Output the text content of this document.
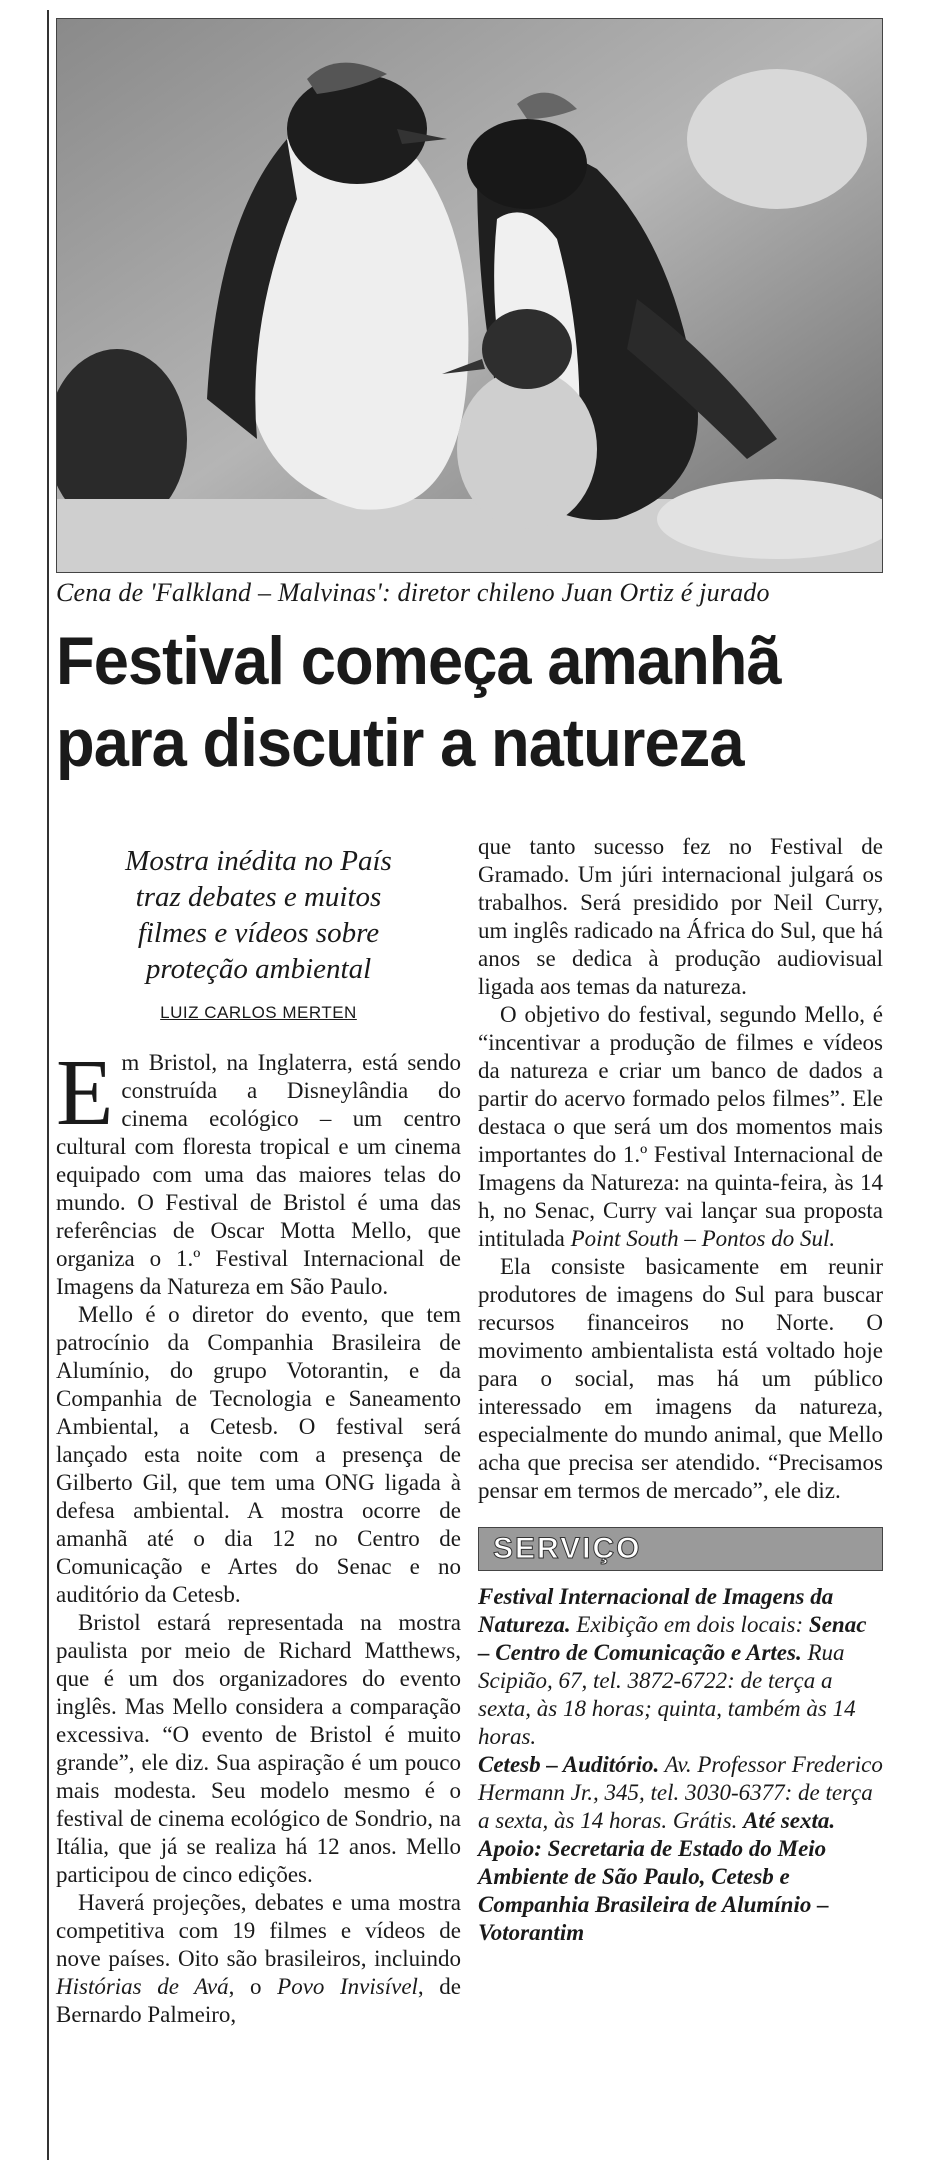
Cena de 'Falkland – Malvinas': diretor chileno Juan Ortiz é jurado
Festival começa amanhã
para discutir a natureza
Mostra inédita no País
traz debates e muitos
filmes e vídeos sobre
proteção ambiental
LUIZ CARLOS MERTEN

Em Bristol, na Inglaterra, está sendo construída a Disneylândia do cinema ecológico – um centro cultural com floresta tropical e um cinema equipado com uma das maiores telas do mundo. O Festival de Bristol é uma das referências de Oscar Motta Mello, que organiza o 1.º Festival Internacional de Imagens da Natureza em São Paulo.

Mello é o diretor do evento, que tem patrocínio da Companhia Brasileira de Alumínio, do grupo Votorantin, e da Companhia de Tecnologia e Saneamento Ambiental, a Cetesb. O festival será lançado esta noite com a presença de Gilberto Gil, que tem uma ONG ligada à defesa ambiental. A mostra ocorre de amanhã até o dia 12 no Centro de Comunicação e Artes do Senac e no auditório da Cetesb.

Bristol estará representada na mostra paulista por meio de Richard Matthews, que é um dos organizadores do evento inglês. Mas Mello considera a comparação excessiva. “O evento de Bristol é muito grande”, ele diz. Sua aspiração é um pouco mais modesta. Seu modelo mesmo é o festival de cinema ecológico de Sondrio, na Itália, que já se realiza há 12 anos. Mello participou de cinco edições.

Haverá projeções, debates e uma mostra competitiva com 19 filmes e vídeos de nove países. Oito são brasileiros, incluindo Histórias de Avá, o Povo Invisível, de Bernardo Palmeiro,

que tanto sucesso fez no Festival de Gramado. Um júri internacional julgará os trabalhos. Será presidido por Neil Curry, um inglês radicado na África do Sul, que há anos se dedica à produção audiovisual ligada aos temas da natureza.

O objetivo do festival, segundo Mello, é “incentivar a produção de filmes e vídeos da natureza e criar um banco de dados a partir do acervo formado pelos filmes”. Ele destaca o que será um dos momentos mais importantes do 1.º Festival Internacional de Imagens da Natureza: na quinta-feira, às 14 h, no Senac, Curry vai lançar sua proposta intitulada Point South – Pontos do Sul.

Ela consiste basicamente em reunir produtores de imagens do Sul para buscar recursos financeiros no Norte. O movimento ambientalista está voltado hoje para o social, mas há um público interessado em imagens da natureza, especialmente do mundo animal, que Mello acha que precisa ser atendido. “Precisamos pensar em termos de mercado”, ele diz.

SERVIÇO
Festival Internacional de Imagens da Natureza. Exibição em dois locais: Senac – Centro de Comunicação e Artes. Rua Scipião, 67, tel. 3872-6722: de terça a sexta, às 18 horas; quinta, também às 14 horas.
Cetesb – Auditório. Av. Professor Frederico Hermann Jr., 345, tel. 3030-6377: de terça a sexta, às 14 horas. Grátis. Até sexta. Apoio: Secretaria de Estado do Meio Ambiente de São Paulo, Cetesb e Companhia Brasileira de Alumínio – Votorantim
